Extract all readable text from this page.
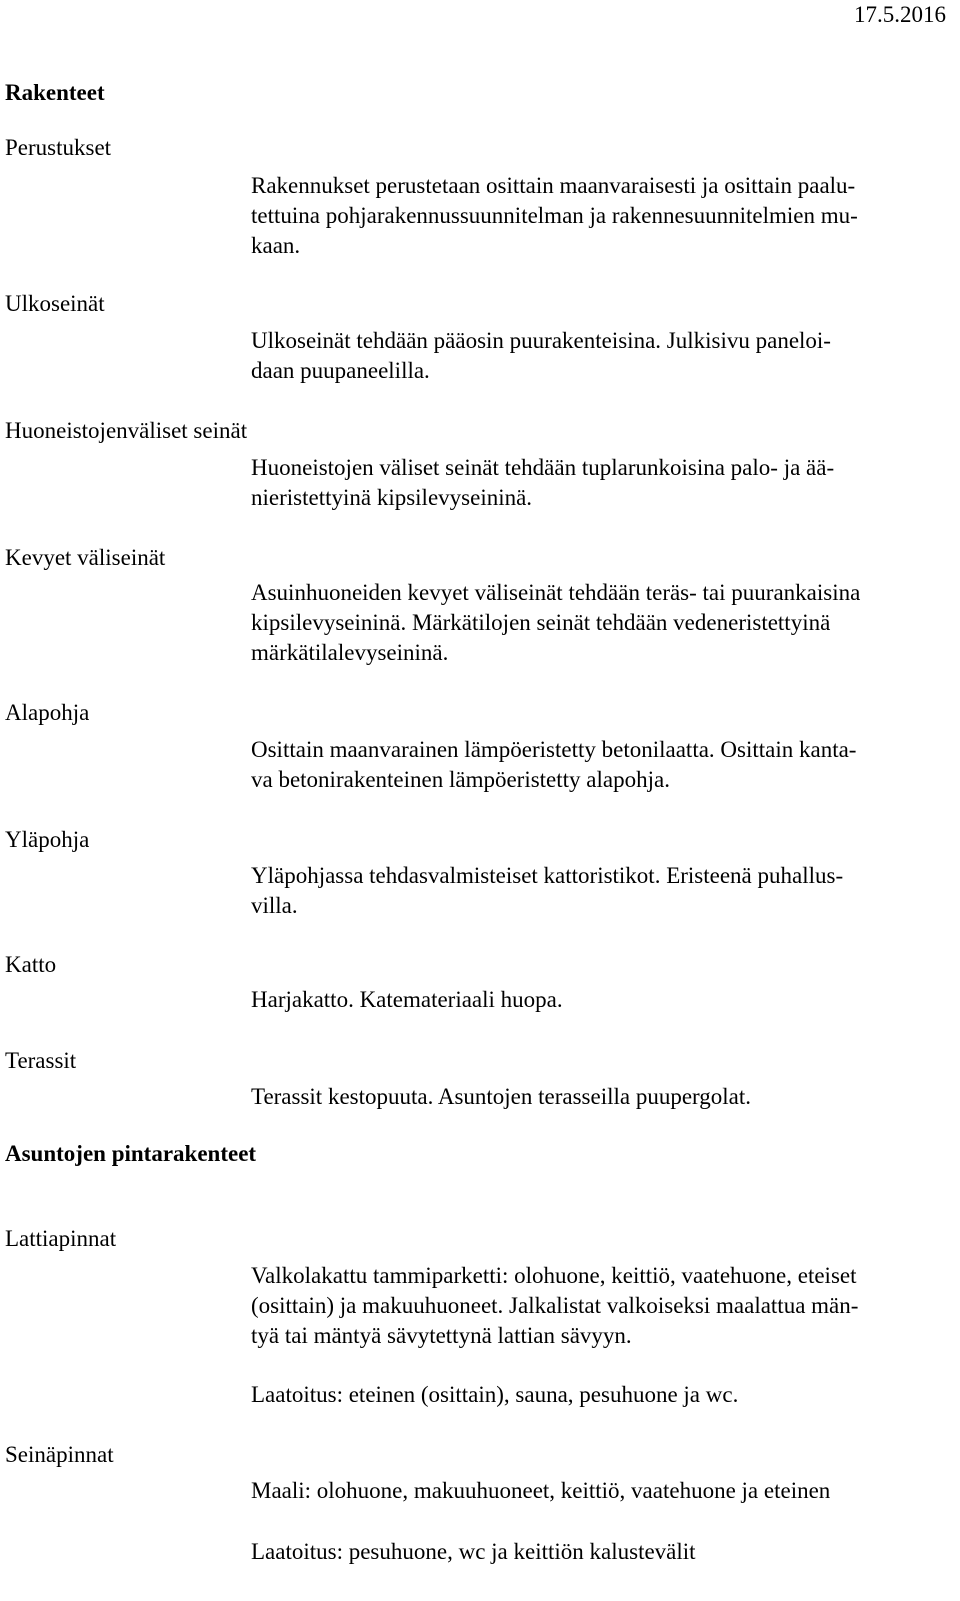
17.5.2016
Rakenteet
Perustukset
Rakennukset perustetaan osittain maanvaraisesti ja osittain paalu-
tettuina pohjarakennussuunnitelman ja rakennesuunnitelmien mu-
kaan.
Ulkoseinät
Ulkoseinät tehdään pääosin puurakenteisina. Julkisivu paneloi-
daan puupaneelilla.
Huoneistojenväliset seinät
Huoneistojen väliset seinät tehdään tuplarunkoisina palo- ja ää-
nieristettyinä kipsilevyseininä.
Kevyet väliseinät
Asuinhuoneiden kevyet väliseinät tehdään teräs- tai puurankaisina
kipsilevyseininä. Märkätilojen seinät tehdään vedeneristettyinä
märkätilalevyseininä.
Alapohja
Osittain maanvarainen lämpöeristetty betonilaatta. Osittain kanta-
va betonirakenteinen lämpöeristetty alapohja.
Yläpohja
Yläpohjassa tehdasvalmisteiset kattoristikot. Eristeenä puhallus-
villa.
Katto
Harjakatto. Katemateriaali huopa.
Terassit
Terassit kestopuuta. Asuntojen terasseilla puupergolat.
Asuntojen pintarakenteet
Lattiapinnat
Valkolakattu tammiparketti: olohuone, keittiö, vaatehuone, eteiset
(osittain) ja makuuhuoneet. Jalkalistat valkoiseksi maalattua män-
tyä tai mäntyä sävytettynä lattian sävyyn.
Laatoitus: eteinen (osittain), sauna, pesuhuone ja wc.
Seinäpinnat
Maali: olohuone, makuuhuoneet, keittiö, vaatehuone ja eteinen
Laatoitus: pesuhuone, wc ja keittiön kalustevälit
